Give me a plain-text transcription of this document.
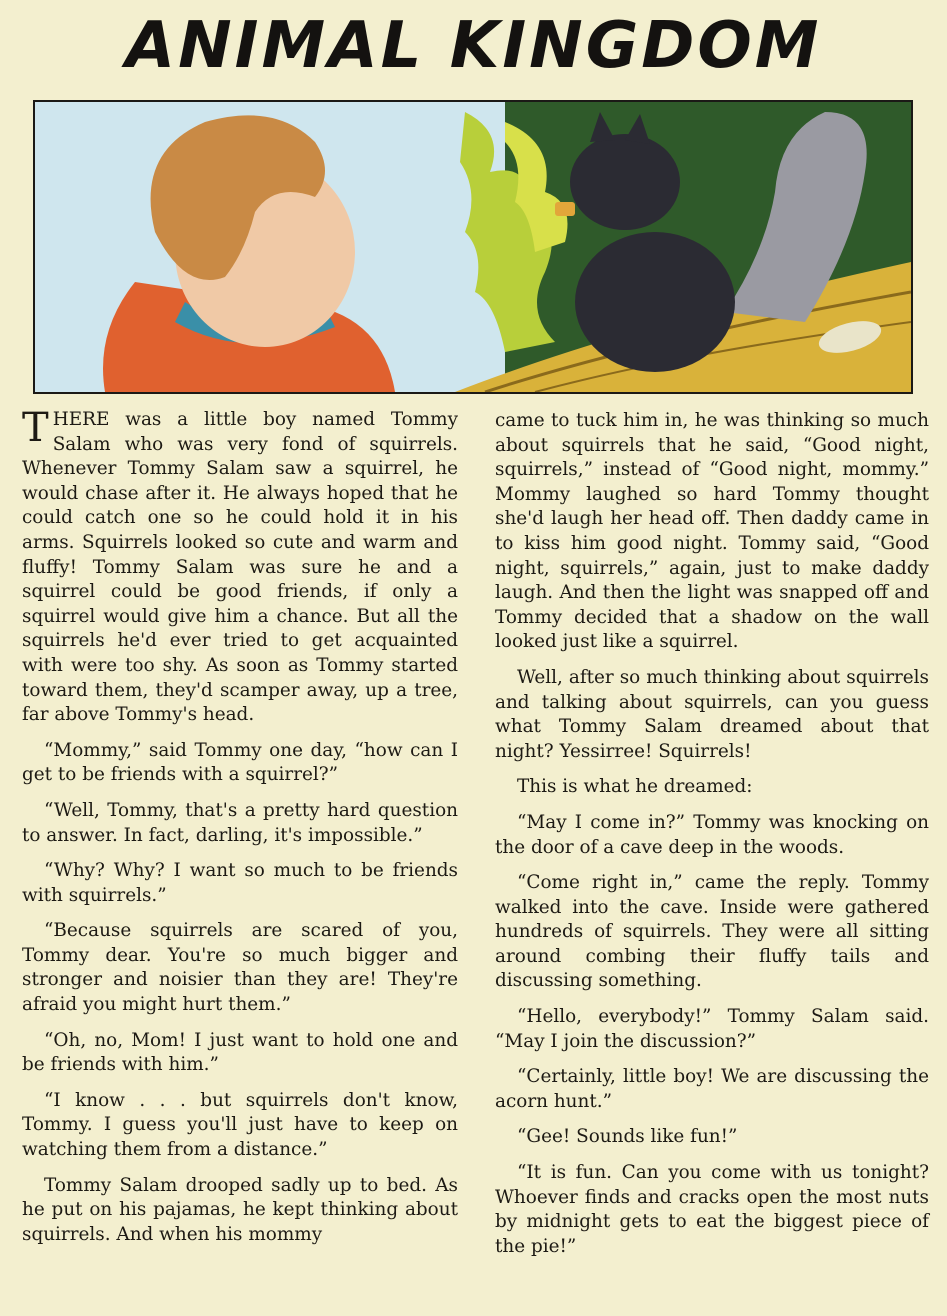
ANIMAL KINGDOM

THERE was a little boy named Tommy Salam who was very fond of squirrels. Whenever Tommy Salam saw a squirrel, he would chase after it. He always hoped that he could catch one so he could hold it in his arms. Squirrels looked so cute and warm and fluffy! Tommy Salam was sure he and a squirrel could be good friends, if only a squirrel would give him a chance. But all the squirrels he'd ever tried to get acquainted with were too shy. As soon as Tommy started toward them, they'd scamper away, up a tree, far above Tommy's head.

“Mommy,” said Tommy one day, “how can I get to be friends with a squirrel?”

“Well, Tommy, that's a pretty hard question to answer. In fact, darling, it's impossible.”

“Why? Why? I want so much to be friends with squirrels.”

“Because squirrels are scared of you, Tommy dear. You're so much bigger and stronger and noisier than they are! They're afraid you might hurt them.”

“Oh, no, Mom! I just want to hold one and be friends with him.”

“I know . . . but squirrels don't know, Tommy. I guess you'll just have to keep on watching them from a distance.”

Tommy Salam drooped sadly up to bed. As he put on his pajamas, he kept thinking about squirrels. And when his mommy

came to tuck him in, he was thinking so much about squirrels that he said, “Good night, squirrels,” instead of “Good night, mommy.” Mommy laughed so hard Tommy thought she'd laugh her head off. Then daddy came in to kiss him good night. Tommy said, “Good night, squirrels,” again, just to make daddy laugh. And then the light was snapped off and Tommy decided that a shadow on the wall looked just like a squirrel.

Well, after so much thinking about squirrels and talking about squirrels, can you guess what Tommy Salam dreamed about that night? Yessirree! Squirrels!

This is what he dreamed:

“May I come in?” Tommy was knocking on the door of a cave deep in the woods.

“Come right in,” came the reply. Tommy walked into the cave. Inside were gathered hundreds of squirrels. They were all sitting around combing their fluffy tails and discussing something.

“Hello, everybody!” Tommy Salam said. “May I join the discussion?”

“Certainly, little boy! We are discussing the acorn hunt.”

“Gee! Sounds like fun!”

“It is fun. Can you come with us tonight? Whoever finds and cracks open the most nuts by midnight gets to eat the biggest piece of the pie!”
